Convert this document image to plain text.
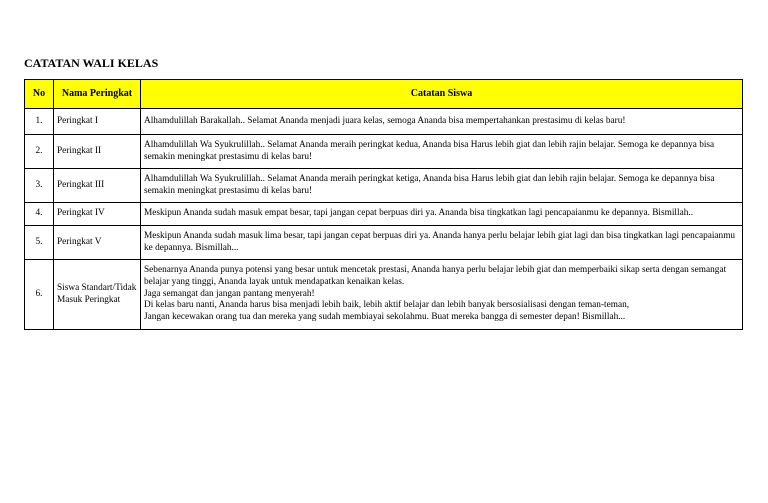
CATATAN WALI KELAS
No	Nama Peringkat	Catatan Siswa
1.	Peringkat I	Alhamdulillah Barakallah.. Selamat Ananda menjadi juara kelas, semoga Ananda bisa mempertahankan prestasimu di kelas baru!

2.	Peringkat II	Alhamdulillah Wa Syukrulillah.. Selamat Ananda meraih peringkat kedua, Ananda bisa Harus lebih giat dan lebih rajin belajar. Semoga ke depannya bisa semakin meningkat prestasimu di kelas baru!

3.	Peringkat III	Alhamdulillah Wa Syukrulillah.. Selamat Ananda meraih peringkat ketiga, Ananda bisa Harus lebih giat dan lebih rajin belajar. Semoga ke depannya bisa semakin meningkat prestasimu di kelas baru!

4.	Peringkat IV	Meskipun Ananda sudah masuk empat besar, tapi jangan cepat berpuas diri ya. Ananda bisa tingkatkan lagi pencapaianmu ke depannya. Bismillah..

5.	Peringkat V	Meskipun Ananda sudah masuk lima besar, tapi jangan cepat berpuas diri ya. Ananda hanya perlu belajar lebih giat lagi dan bisa tingkatkan lagi pencapaianmu ke depannya. Bismillah...

6.	Siswa Standart/Tidak Masuk Peringkat	Sebenarnya Ananda punya potensi yang besar untuk mencetak prestasi, Ananda hanya perlu belajar lebih giat dan memperbaiki sikap serta dengan semangat belajar yang tinggi, Ananda layak untuk mendapatkan kenaikan kelas.
Jaga semangat dan jangan pantang menyerah!
Di kelas baru nanti, Ananda harus bisa menjadi lebih baik, lebih aktif belajar dan lebih banyak bersosialisasi dengan teman-teman,
Jangan kecewakan orang tua dan mereka yang sudah membiayai sekolahmu. Buat mereka bangga di semester depan! Bismillah...
